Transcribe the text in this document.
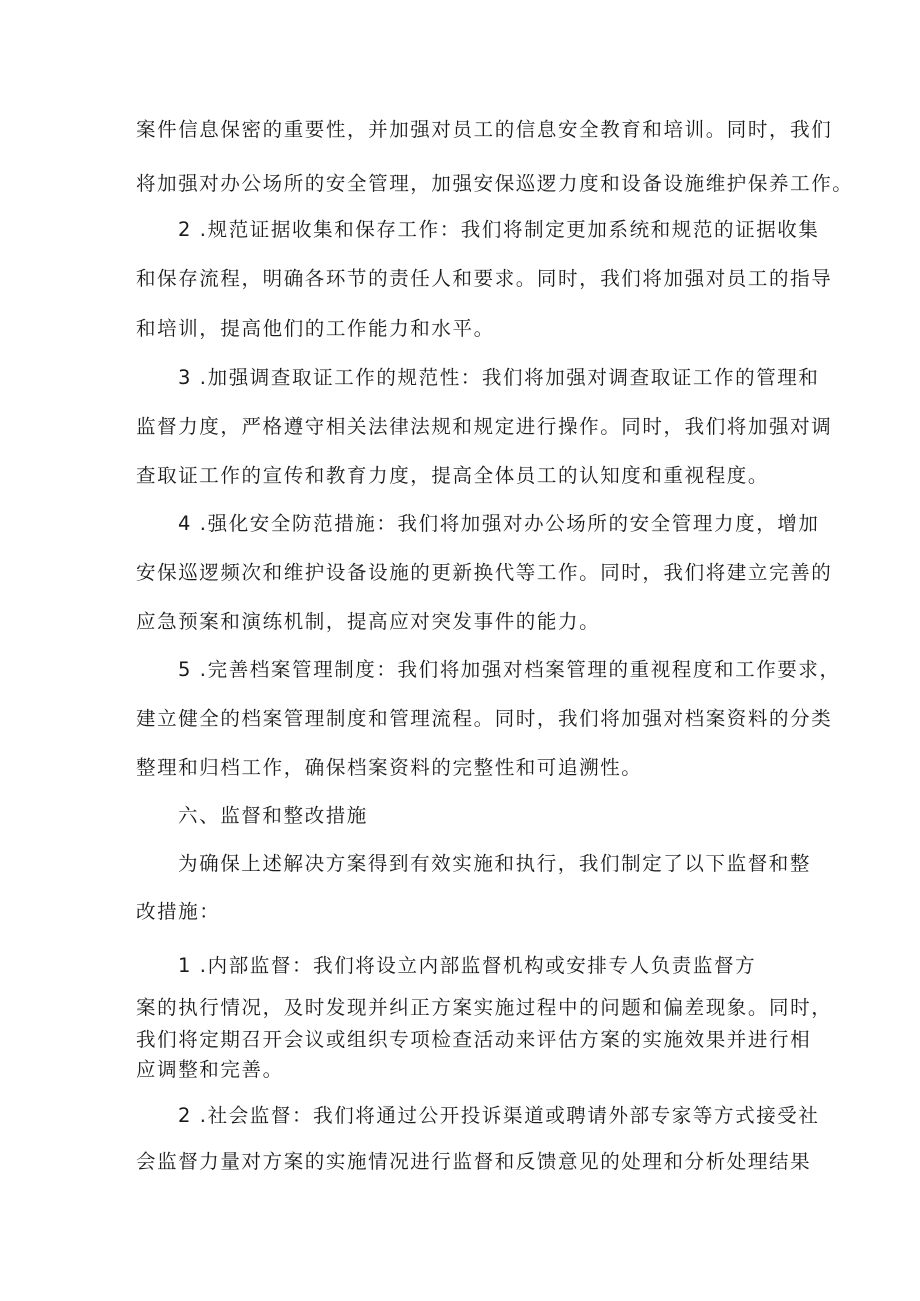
案件信息保密的重要性，并加强对员工的信息安全教育和培训。同时，我们
将加强对办公场所的安全管理，加强安保巡逻力度和设备设施维护保养工作。
2 .规范证据收集和保存工作：我们将制定更加系统和规范的证据收集
和保存流程，明确各环节的责任人和要求。同时，我们将加强对员工的指导
和培训，提高他们的工作能力和水平。
3 .加强调查取证工作的规范性：我们将加强对调查取证工作的管理和
监督力度，严格遵守相关法律法规和规定进行操作。同时，我们将加强对调
查取证工作的宣传和教育力度，提高全体员工的认知度和重视程度。
4 .强化安全防范措施：我们将加强对办公场所的安全管理力度，增加
安保巡逻频次和维护设备设施的更新换代等工作。同时，我们将建立完善的
应急预案和演练机制，提高应对突发事件的能力。
5 .完善档案管理制度：我们将加强对档案管理的重视程度和工作要求，
建立健全的档案管理制度和管理流程。同时，我们将加强对档案资料的分类
整理和归档工作，确保档案资料的完整性和可追溯性。
六、监督和整改措施
为确保上述解决方案得到有效实施和执行，我们制定了以下监督和整
改措施：
1 .内部监督：我们将设立内部监督机构或安排专人负责监督方
案的执行情况，及时发现并纠正方案实施过程中的问题和偏差现象。同时，
我们将定期召开会议或组织专项检查活动来评估方案的实施效果并进行相
应调整和完善。
2 .社会监督：我们将通过公开投诉渠道或聘请外部专家等方式接受社
会监督力量对方案的实施情况进行监督和反馈意见的处理和分析处理结果
